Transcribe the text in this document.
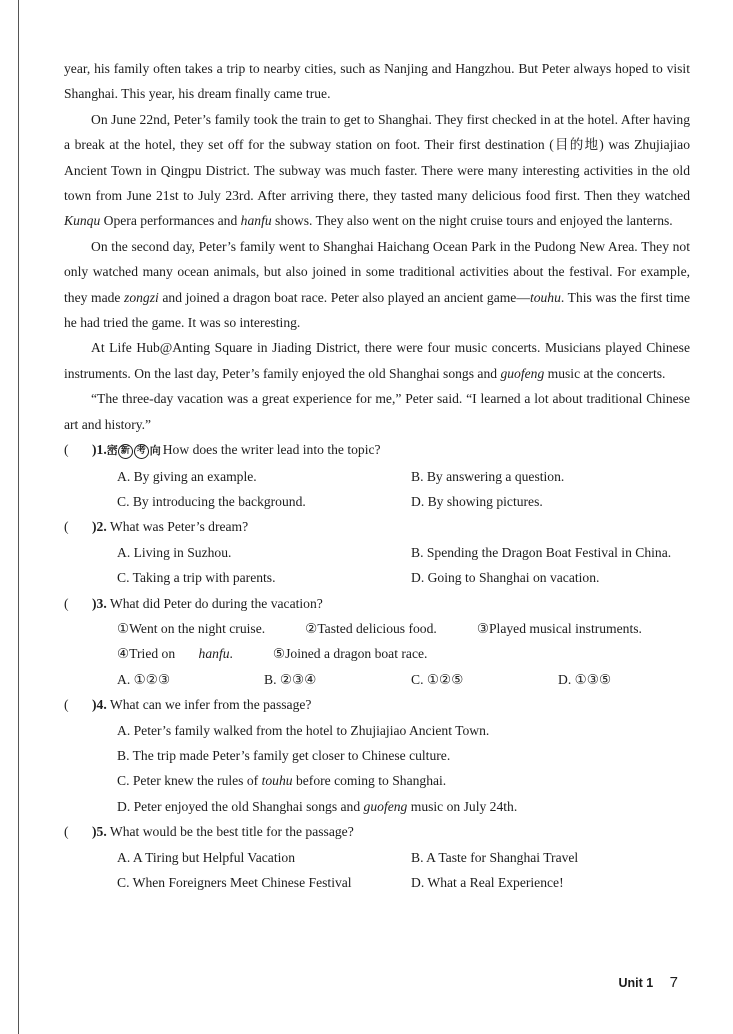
year, his family often takes a trip to nearby cities, such as Nanjing and Hangzhou. But Peter always hoped to visit Shanghai. This year, his dream finally came true.

On June 22nd, Peter’s family took the train to get to Shanghai. They first checked in at the hotel. After having a break at the hotel, they set off for the subway station on foot. Their first destination (目的地) was Zhujiajiao Ancient Town in Qingpu District. The subway was much faster. There were many interesting activities in the old town from June 21st to July 23rd. After arriving there, they tasted many delicious food first. Then they watched Kunqu Opera performances and hanfu shows. They also went on the night cruise tours and enjoyed the lanterns.

On the second day, Peter’s family went to Shanghai Haichang Ocean Park in the Pudong New Area. They not only watched many ocean animals, but also joined in some traditional activities about the festival. For example, they made zongzi and joined a dragon boat race. Peter also played an ancient game—touhu. This was the first time he had tried the game. It was so interesting.

At Life Hub@Anting Square in Jiading District, there were four music concerts. Musicians played Chinese instruments. On the last day, Peter’s family enjoyed the old Shanghai songs and guofeng music at the concerts.

“The three-day vacation was a great experience for me,” Peter said. “I learned a lot about traditional Chinese art and history.”

( )1.崈 新 考 向 How does the writer lead into the topic?

A. By giving an example.	B. By answering a question.

C. By introducing the background.	D. By showing pictures.

( )2. What was Peter’s dream?

A. Living in Suzhou.	B. Spending the Dragon Boat Festival in China.

C. Taking a trip with parents.	D. Going to Shanghai on vacation.

( )3. What did Peter do during the vacation?

①Went on the night cruise.	②Tasted delicious food.	③Played musical instruments.

④Tried on hanfu.	⑤Joined a dragon boat race.

A. ①②③	B. ②③④	C. ①②⑤	D. ①③⑤

( )4. What can we infer from the passage?

A. Peter’s family walked from the hotel to Zhujiajiao Ancient Town.

B. The trip made Peter’s family get closer to Chinese culture.

C. Peter knew the rules of touhu before coming to Shanghai.

D. Peter enjoyed the old Shanghai songs and guofeng music on July 24th.

( )5. What would be the best title for the passage?

A. A Tiring but Helpful Vacation	B. A Taste for Shanghai Travel

C. When Foreigners Meet Chinese Festival	D. What a Real Experience!

Unit 1 7
